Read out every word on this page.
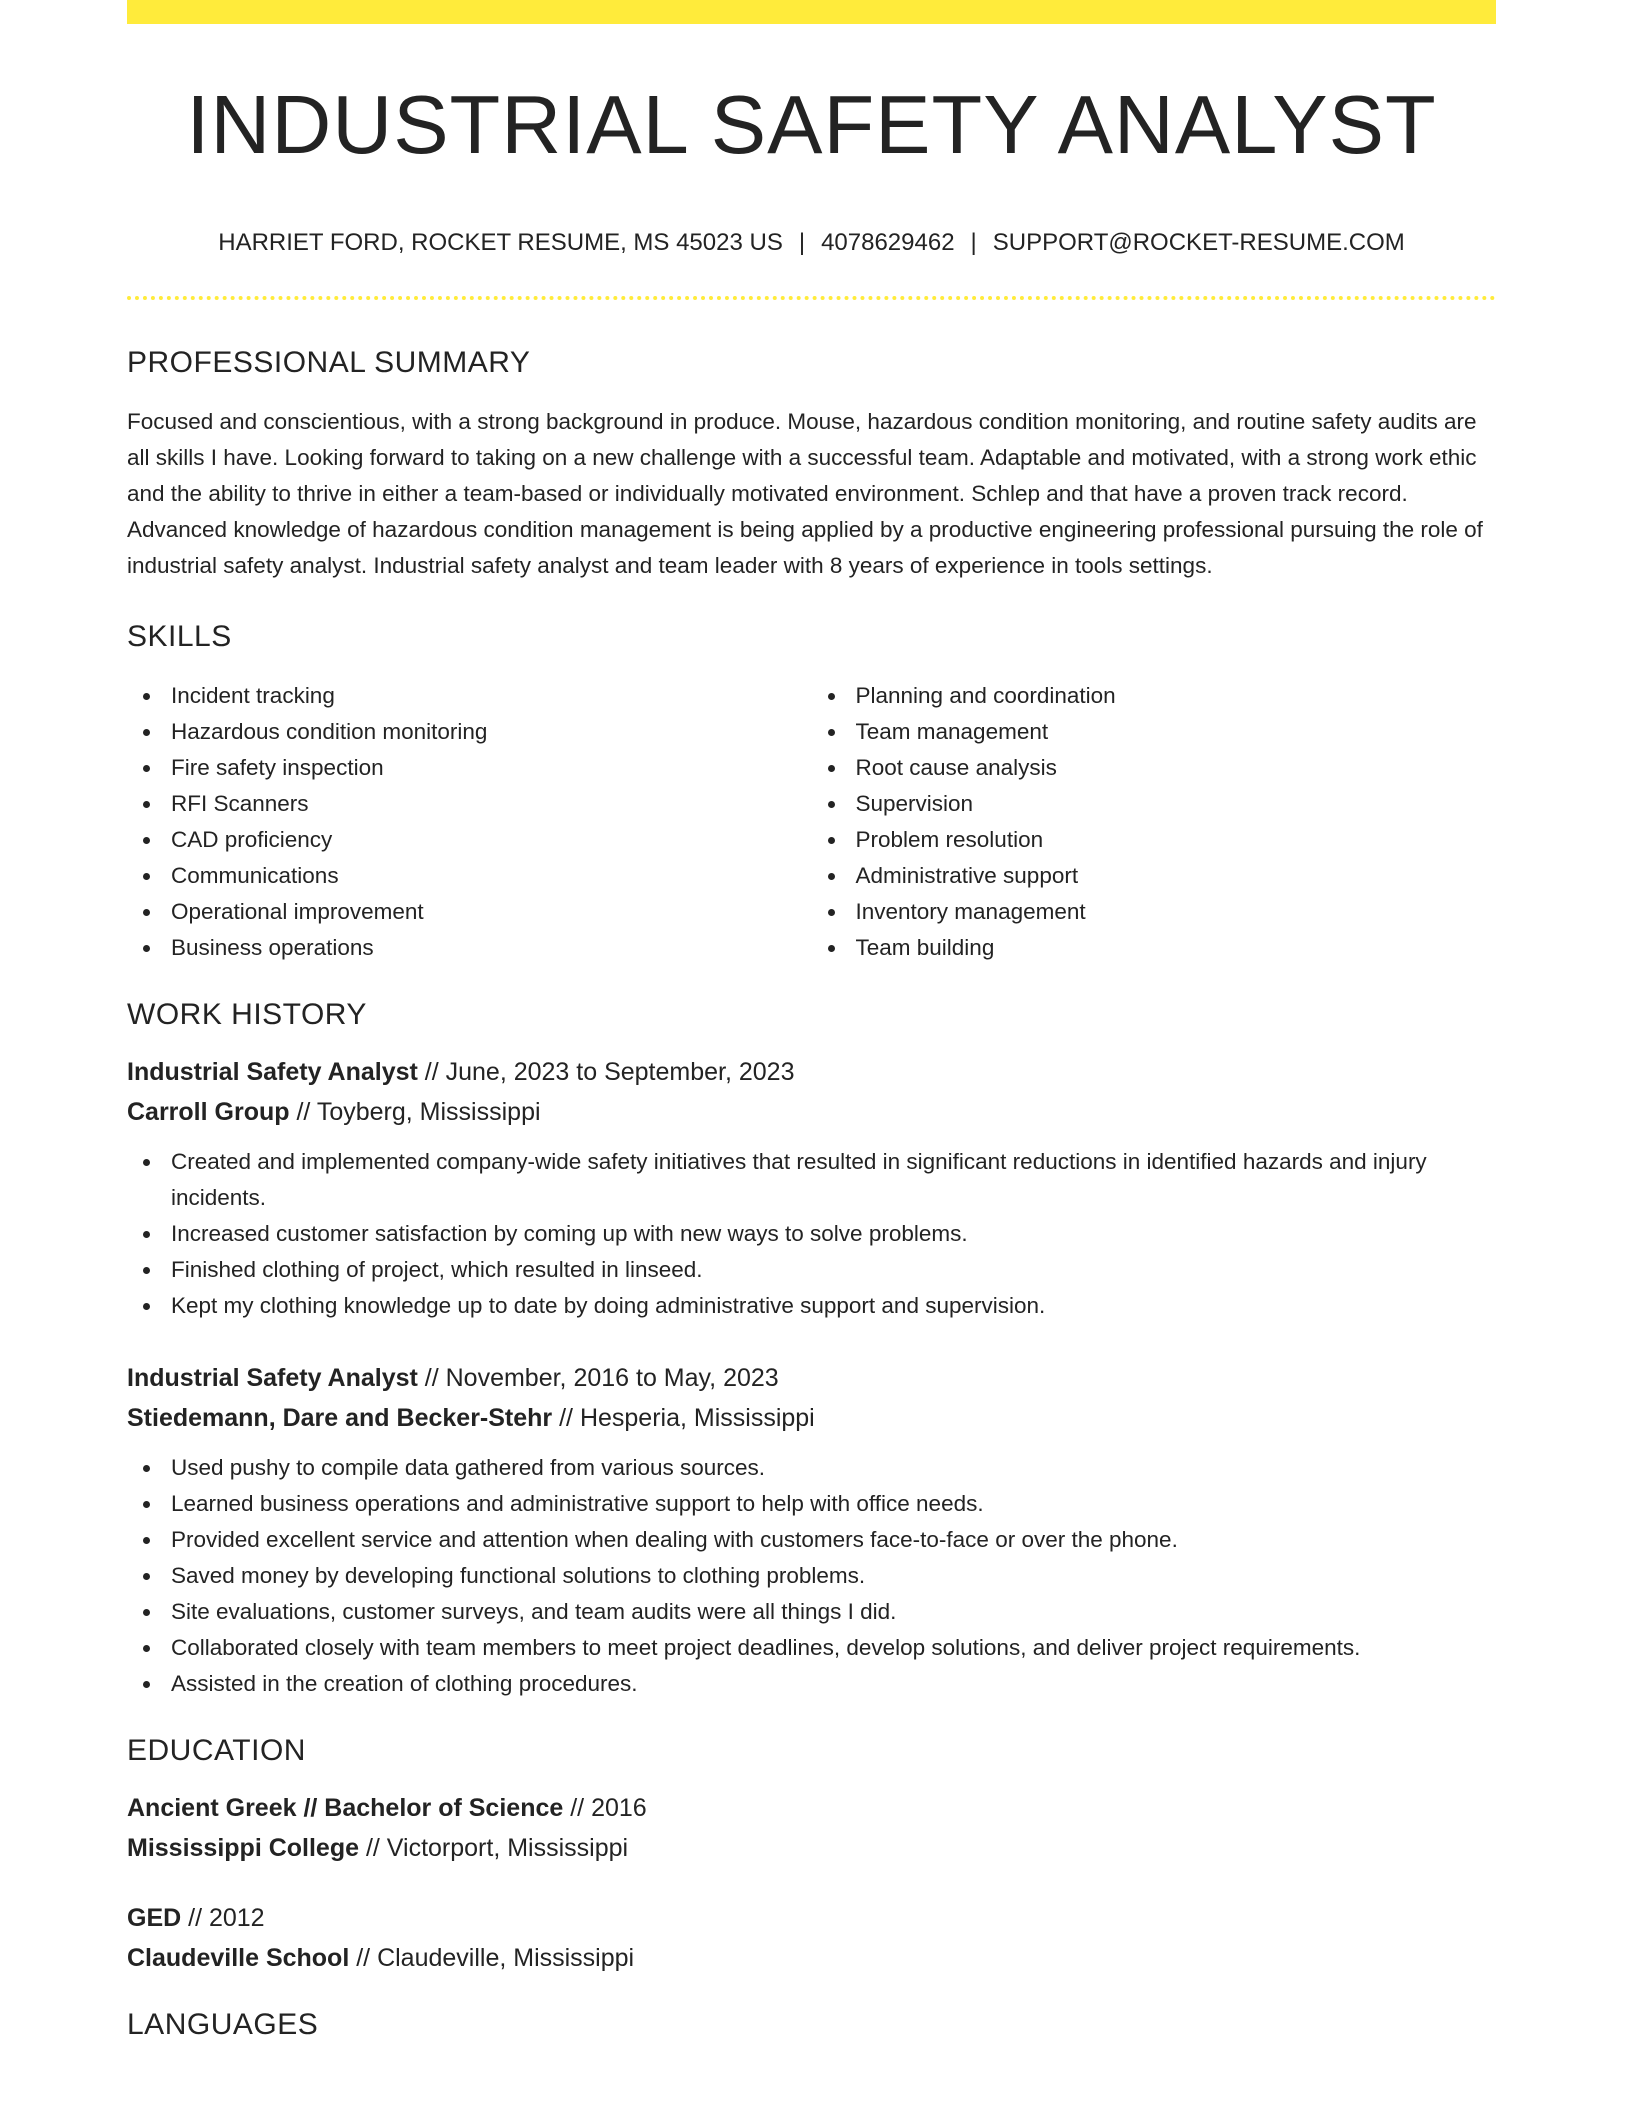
INDUSTRIAL SAFETY ANALYST
HARRIET FORD, ROCKET RESUME, MS 45023 US | 4078629462 | SUPPORT@ROCKET-RESUME.COM
PROFESSIONAL SUMMARY

Focused and conscientious, with a strong background in produce. Mouse, hazardous condition monitoring, and routine safety audits are all skills I have. Looking forward to taking on a new challenge with a successful team. Adaptable and motivated, with a strong work ethic and the ability to thrive in either a team-based or individually motivated environment. Schlep and that have a proven track record. Advanced knowledge of hazardous condition management is being applied by a productive engineering professional pursuing the role of industrial safety analyst. Industrial safety analyst and team leader with 8 years of experience in tools settings.

SKILLS
Incident tracking
Hazardous condition monitoring
Fire safety inspection
RFI Scanners
CAD proficiency
Communications
Operational improvement
Business operations
Planning and coordination
Team management
Root cause analysis
Supervision
Problem resolution
Administrative support
Inventory management
Team building
WORK HISTORY
Industrial Safety Analyst // June, 2023 to September, 2023
Carroll Group // Toyberg, Mississippi
Created and implemented company-wide safety initiatives that resulted in significant reductions in identified hazards and injury incidents.
Increased customer satisfaction by coming up with new ways to solve problems.
Finished clothing of project, which resulted in linseed.
Kept my clothing knowledge up to date by doing administrative support and supervision.
Industrial Safety Analyst // November, 2016 to May, 2023
Stiedemann, Dare and Becker-Stehr // Hesperia, Mississippi
Used pushy to compile data gathered from various sources.
Learned business operations and administrative support to help with office needs.
Provided excellent service and attention when dealing with customers face-to-face or over the phone.
Saved money by developing functional solutions to clothing problems.
Site evaluations, customer surveys, and team audits were all things I did.
Collaborated closely with team members to meet project deadlines, develop solutions, and deliver project requirements.
Assisted in the creation of clothing procedures.
EDUCATION
Ancient Greek // Bachelor of Science // 2016
Mississippi College // Victorport, Mississippi
GED // 2012
Claudeville School // Claudeville, Mississippi
LANGUAGES
